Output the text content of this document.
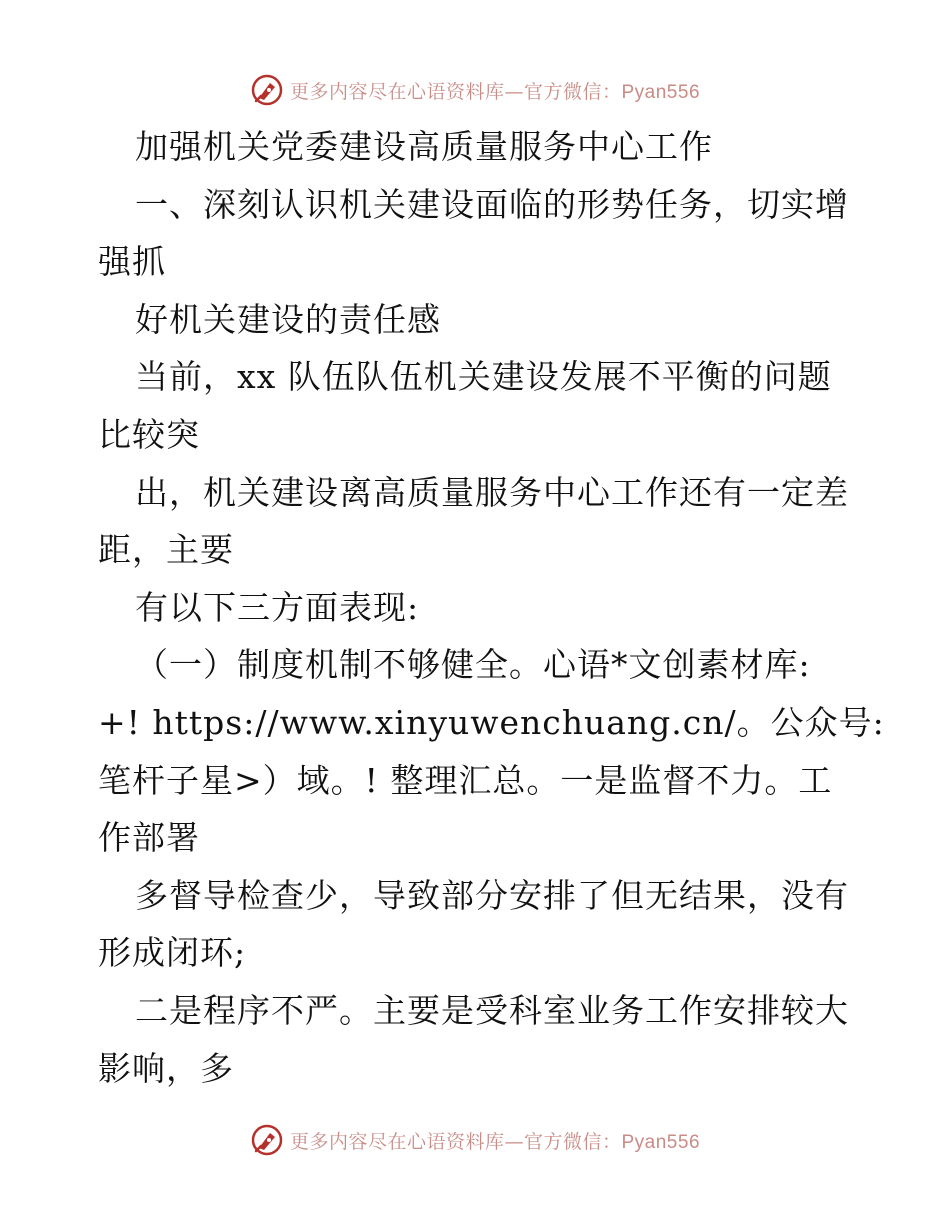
更多内容尽在心语资料库—官方微信：Pyan556
加强机关党委建设高质量服务中心工作
一、深刻认识机关建设面临的形势任务，切实增
强抓
好机关建设的责任感
当前，xx 队伍队伍机关建设发展不平衡的问题
比较突
出，机关建设离高质量服务中心工作还有一定差
距，主要
有以下三方面表现:
（一）制度机制不够健全。心语*文创素材库:
+! https://www.xinyuwenchuang.cn/。公众号:
笔杆子星>）域。! 整理汇总。一是监督不力。工
作部署
多督导检查少，导致部分安排了但无结果，没有
形成闭环;
二是程序不严。主要是受科室业务工作安排较大
影响，多
更多内容尽在心语资料库—官方微信：Pyan556
